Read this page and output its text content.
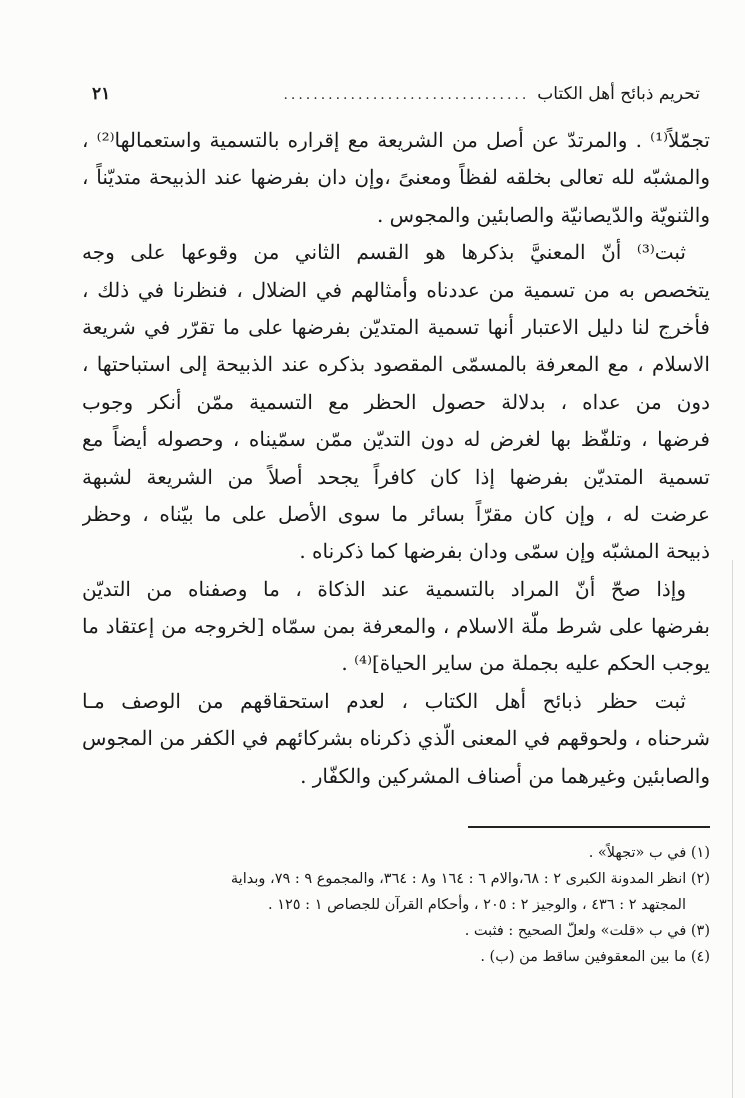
تحريم ذبائح أهل الكتاب
.................................
٢١
تجمّلاً⁽¹⁾ . والمرتدّ عن أصل من الشريعة مع إقراره بالتسمية واستعمالها⁽²⁾ ،
والمشبّه لله تعالى بخلقه لفظاً ومعنىً ،وإن دان بفرضها عند الذبيحة متديّناً ،
والثنويّة والدّيصانيّة والصابئين والمجوس .
ثبت⁽³⁾ أنّ المعنيَّ بذكرها هو القسم الثاني من وقوعها على وجه
يتخصص به من تسمية من عددناه وأمثالهم في الضلال ، فنظرنا في ذلك ،
فأخرج لنا دليل الاعتبار أنها تسمية المتديّن بفرضها على ما تقرّر في شريعة
الاسلام ، مع المعرفة بالمسمّى المقصود بذكره عند الذبيحة إلى استباحتها ،
دون من عداه ، بدلالة حصول الحظر مع التسمية ممّن أنكر وجوب
فرضها ، وتلفّظ بها لغرض له دون التديّن ممّن سمّيناه ، وحصوله أيضاً مع
تسمية المتديّن بفرضها إذا كان كافراً يجحد أصلاً من الشريعة لشبهة
عرضت له ، وإن كان مقرّاً بسائر ما سوى الأصل على ما بيّناه ، وحظر
ذبيحة المشبّه وإن سمّى ودان بفرضها كما ذكرناه .
وإذا صحّ أنّ المراد بالتسمية عند الذكاة ، ما وصفناه من التديّن
بفرضها على شرط ملّة الاسلام ، والمعرفة بمن سمّاه [لخروجه من إعتقاد ما
يوجب الحكم عليه بجملة من ساير الحياة]⁽⁴⁾ .
ثبت حظر ذبائح أهل الكتاب ، لعدم استحقاقهم من الوصف مـا
شرحناه ، ولحوقهم في المعنى الّذي ذكرناه بشركائهم في الكفر من المجوس
والصابئين وغيرهما من أصناف المشركين والكفّار .
(١) في ب «تجهلاً» .
(٢) انظر المدونة الكبرى ٢ : ٦٨،والام ٦ : ١٦٤ و٨ : ٣٦٤، والمجموع ٩ : ٧٩، وبداية
المجتهد ٢ : ٤٣٦ ، والوجيز ٢ : ٢٠٥ ، وأحكام القرآن للجصاص ١ : ١٢٥ .
(٣) في ب «قلت» ولعلّ الصحيح : فثبت .
(٤) ما بين المعقوفين ساقط من (ب) .
